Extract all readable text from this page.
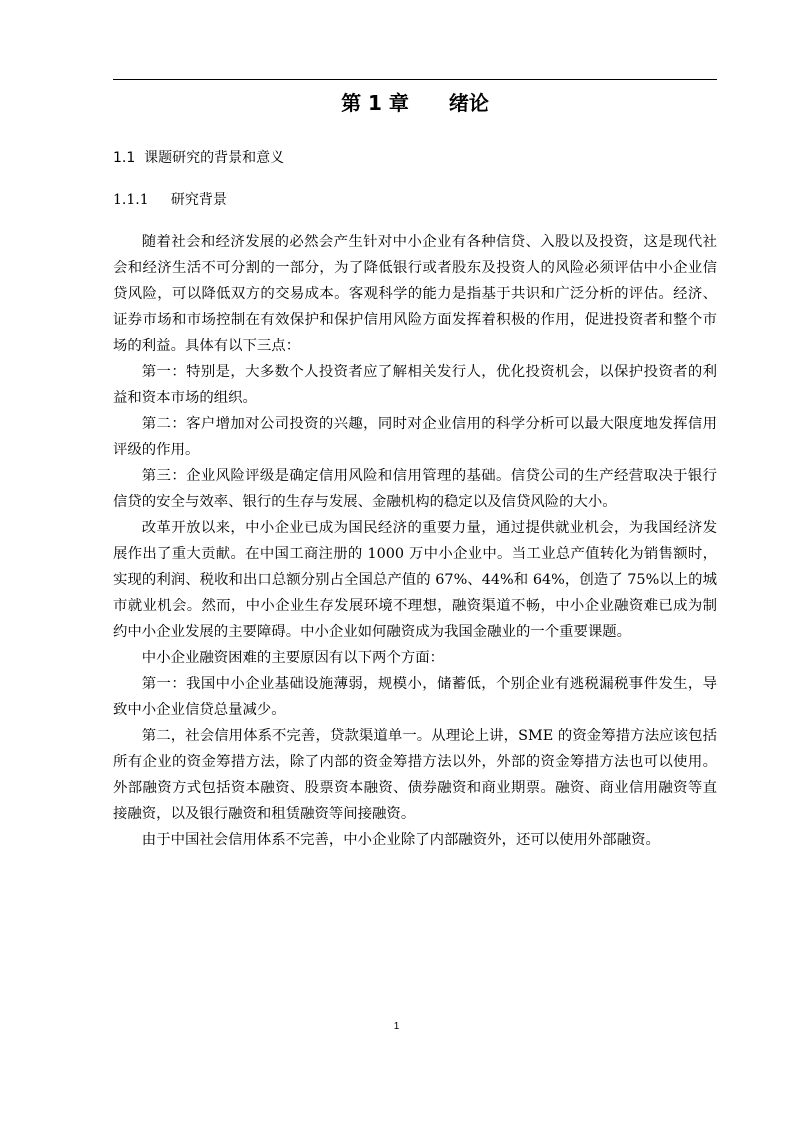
第 1 章　　绪论
1.1  课题研究的背景和意义
1.1.1     研究背景

随着社会和经济发展的必然会产生针对中小企业有各种信贷、入股以及投资，这是现代社会和经济生活不可分割的一部分，为了降低银行或者股东及投资人的风险必须评估中小企业信贷风险，可以降低双方的交易成本。客观科学的能力是指基于共识和广泛分析的评估。经济、证券市场和市场控制在有效保护和保护信用风险方面发挥着积极的作用，促进投资者和整个市场的利益。具体有以下三点：

第一：特别是，大多数个人投资者应了解相关发行人，优化投资机会，以保护投资者的利益和资本市场的组织。

第二：客户增加对公司投资的兴趣，同时对企业信用的科学分析可以最大限度地发挥信用评级的作用。

第三：企业风险评级是确定信用风险和信用管理的基础。信贷公司的生产经营取决于银行信贷的安全与效率、银行的生存与发展、金融机构的稳定以及信贷风险的大小。

改革开放以来，中小企业已成为国民经济的重要力量，通过提供就业机会，为我国经济发展作出了重大贡献。在中国工商注册的 1000 万中小企业中。当工业总产值转化为销售额时，实现的利润、税收和出口总额分别占全国总产值的 67%、44%和 64%，创造了 75%以上的城市就业机会。然而，中小企业生存发展环境不理想，融资渠道不畅，中小企业融资难已成为制约中小企业发展的主要障碍。中小企业如何融资成为我国金融业的一个重要课题。

中小企业融资困难的主要原因有以下两个方面：

第一：我国中小企业基础设施薄弱，规模小，储蓄低，个别企业有逃税漏税事件发生，导致中小企业信贷总量减少。

第二，社会信用体系不完善，贷款渠道单一。从理论上讲，SME 的资金筹措方法应该包括所有企业的资金筹措方法，除了内部的资金筹措方法以外，外部的资金筹措方法也可以使用。外部融资方式包括资本融资、股票资本融资、债券融资和商业期票。融资、商业信用融资等直接融资，以及银行融资和租赁融资等间接融资。

由于中国社会信用体系不完善，中小企业除了内部融资外，还可以使用外部融资。

1
